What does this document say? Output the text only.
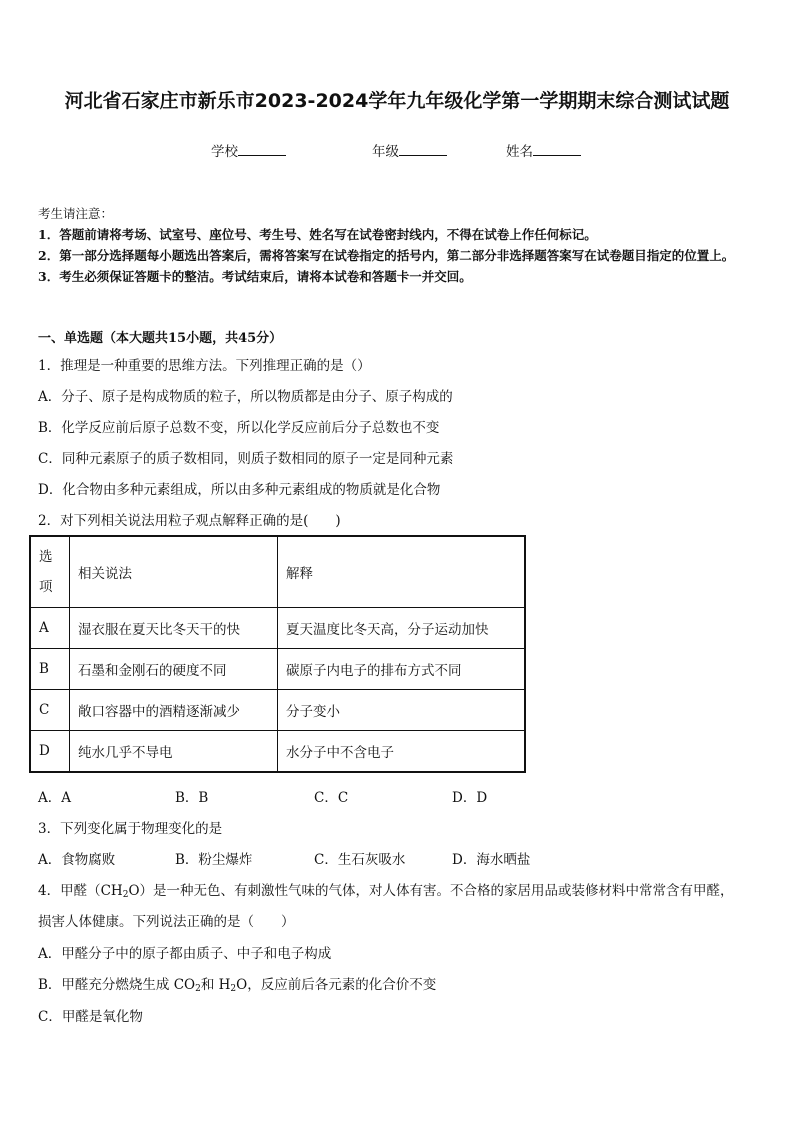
河北省石家庄市新乐市2023-2024学年九年级化学第一学期期末综合测试试题
学校	年级	姓名
考生请注意：
1．答题前请将考场、试室号、座位号、考生号、姓名写在试卷密封线内，不得在试卷上作任何标记。
2．第一部分选择题每小题选出答案后，需将答案写在试卷指定的括号内，第二部分非选择题答案写在试卷题目指定的位置上。
3．考生必须保证答题卡的整洁。考试结束后，请将本试卷和答题卡一并交回。
一、单选题（本大题共15小题，共45分）
1．推理是一种重要的思维方法。下列推理正确的是（）
A．分子、原子是构成物质的粒子，所以物质都是由分子、原子构成的
B．化学反应前后原子总数不变，所以化学反应前后分子总数也不变
C．同种元素原子的质子数相同，则质子数相同的原子一定是同种元素
D．化合物由多种元素组成，所以由多种元素组成的物质就是化合物
2．对下列相关说法用粒子观点解释正确的是(　　)
选
项	相关说法	解释
A	湿衣服在夏天比冬天干的快	夏天温度比冬天高，分子运动加快
B	石墨和金刚石的硬度不同	碳原子内电子的排布方式不同
C	敞口容器中的酒精逐渐减少	分子变小
D	纯水几乎不导电	水分子中不含电子
A．A	B．B	C．C	D．D
3．下列变化属于物理变化的是
A．食物腐败	B．粉尘爆炸	C．生石灰吸水	D．海水晒盐
4．甲醛$(CH_2O)$是一种无色、有刺激性气味的气体，对人体有害。不合格的家居用品或装修材料中常常含有甲醛，
损害人体健康。下列说法正确的是（　　）
A．甲醛分子中的原子都由质子、中子和电子构成
B．甲醛充分燃烧生成 $CO_2$和 $H_2O$，反应前后各元素的化合价不变
C．甲醛是氧化物
